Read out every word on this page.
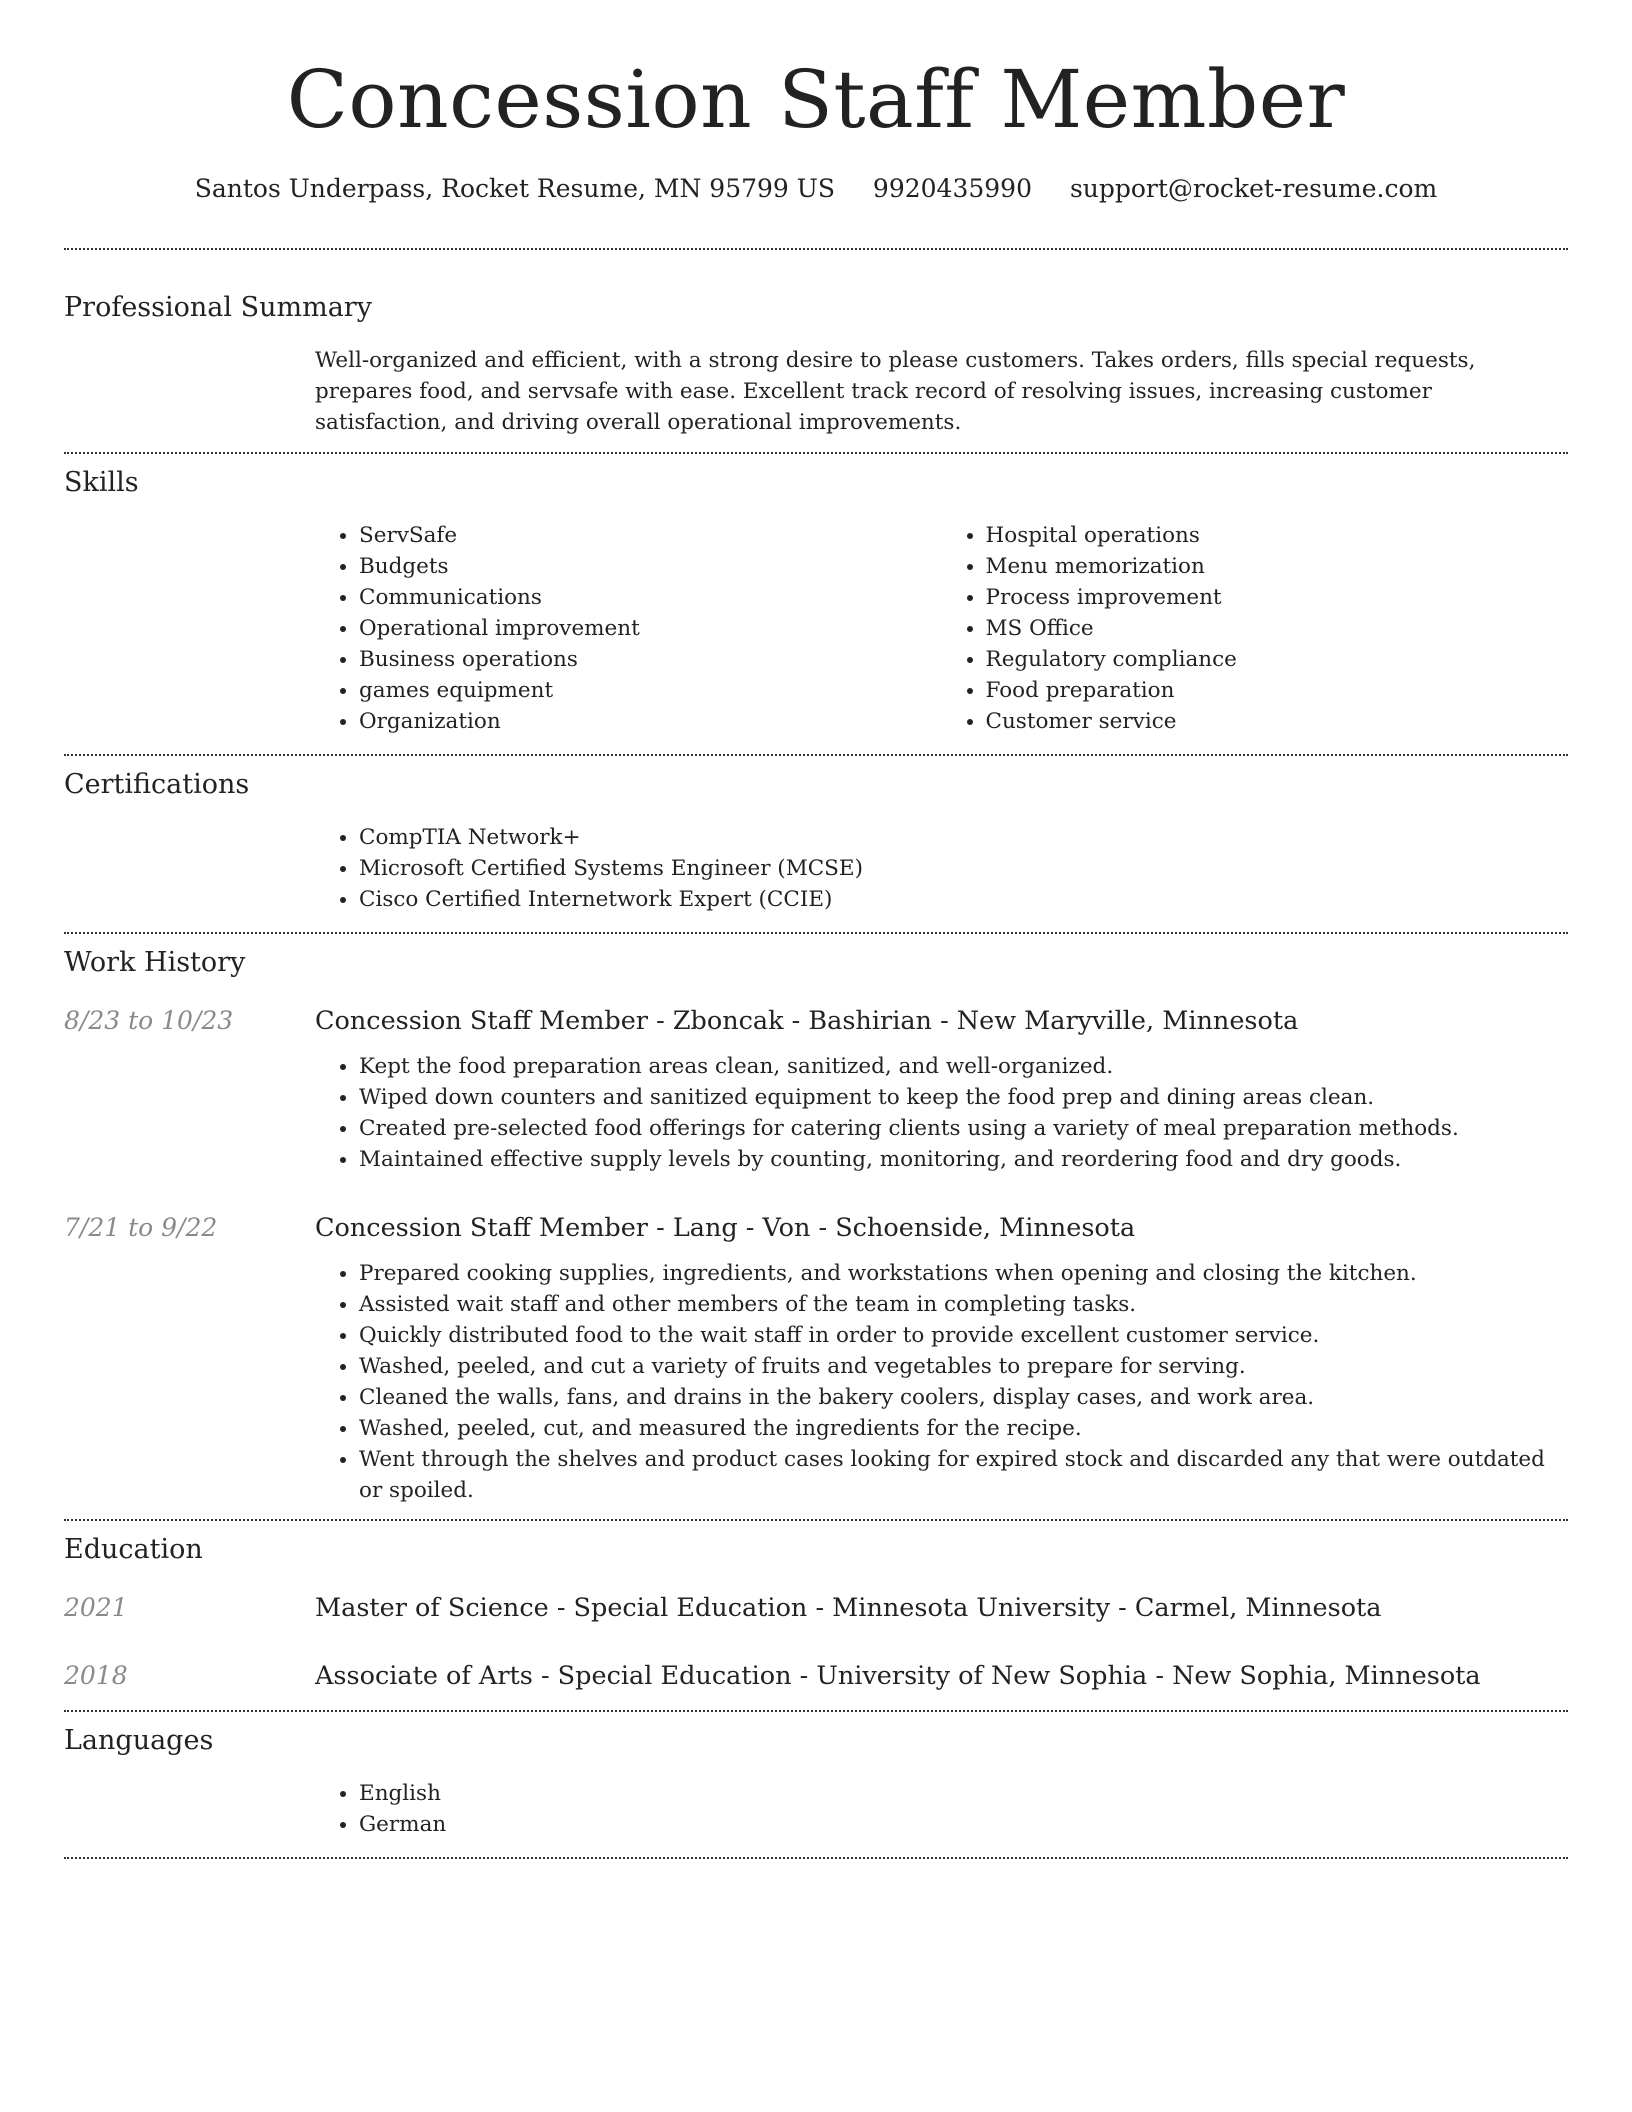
Concession Staff Member
Santos Underpass, Rocket Resume, MN 95799 US 9920435990 support@rocket-resume.com
Professional Summary

Well-organized and efficient, with a strong desire to please customers. Takes orders, fills special requests, prepares food, and servsafe with ease. Excellent track record of resolving issues, increasing customer satisfaction, and driving overall operational improvements.

Skills
• ServSafe
• Budgets
• Communications
• Operational improvement
• Business operations
• games equipment
• Organization
• Hospital operations
• Menu memorization
• Process improvement
• MS Office
• Regulatory compliance
• Food preparation
• Customer service
Certifications
• CompTIA Network+
• Microsoft Certified Systems Engineer (MCSE)
• Cisco Certified Internetwork Expert (CCIE)
Work History
8/23 to 10/23	Concession Staff Member - Zboncak - Bashirian - New Maryville, Minnesota
• Kept the food preparation areas clean, sanitized, and well-organized.
• Wiped down counters and sanitized equipment to keep the food prep and dining areas clean.
• Created pre-selected food offerings for catering clients using a variety of meal preparation methods.
• Maintained effective supply levels by counting, monitoring, and reordering food and dry goods.
7/21 to 9/22	Concession Staff Member - Lang - Von - Schoenside, Minnesota
• Prepared cooking supplies, ingredients, and workstations when opening and closing the kitchen.
• Assisted wait staff and other members of the team in completing tasks.
• Quickly distributed food to the wait staff in order to provide excellent customer service.
• Washed, peeled, and cut a variety of fruits and vegetables to prepare for serving.
• Cleaned the walls, fans, and drains in the bakery coolers, display cases, and work area.
• Washed, peeled, cut, and measured the ingredients for the recipe.
• Went through the shelves and product cases looking for expired stock and discarded any that were outdated or spoiled.
Education
2021	Master of Science - Special Education - Minnesota University - Carmel, Minnesota
2018	Associate of Arts - Special Education - University of New Sophia - New Sophia, Minnesota
Languages
• English
• German
